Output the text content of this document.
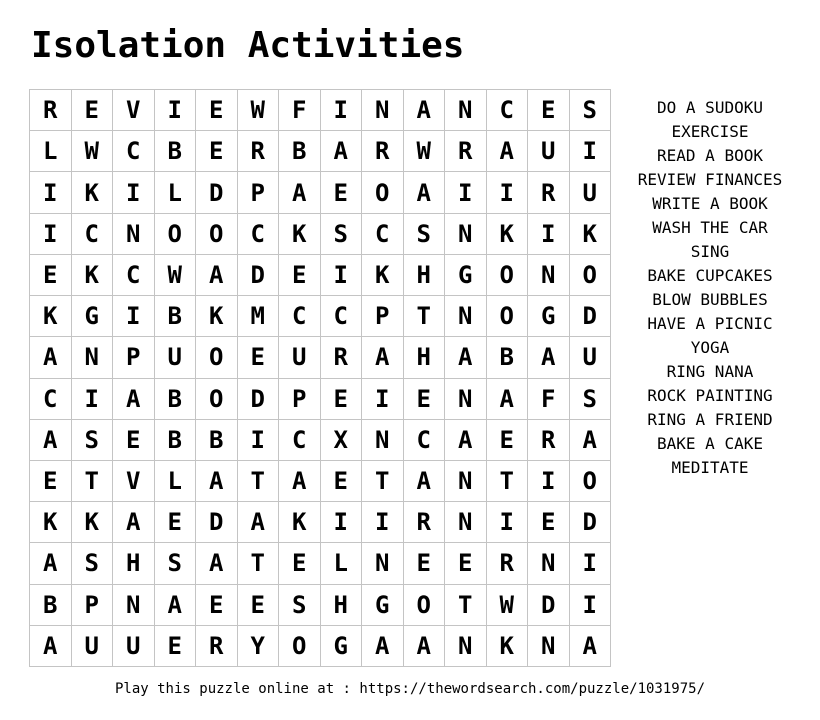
Isolation Activities
R	E	V	I	E	W	F	I	N	A	N	C	E	S
L	W	C	B	E	R	B	A	R	W	R	A	U	I
I	K	I	L	D	P	A	E	O	A	I	I	R	U
I	C	N	O	O	C	K	S	C	S	N	K	I	K
E	K	C	W	A	D	E	I	K	H	G	O	N	O
K	G	I	B	K	M	C	C	P	T	N	O	G	D
A	N	P	U	O	E	U	R	A	H	A	B	A	U
C	I	A	B	O	D	P	E	I	E	N	A	F	S
A	S	E	B	B	I	C	X	N	C	A	E	R	A
E	T	V	L	A	T	A	E	T	A	N	T	I	O
K	K	A	E	D	A	K	I	I	R	N	I	E	D
A	S	H	S	A	T	E	L	N	E	E	R	N	I
B	P	N	A	E	E	S	H	G	O	T	W	D	I
A	U	U	E	R	Y	O	G	A	A	N	K	N	A
DO A SUDOKU
EXERCISE
READ A BOOK
REVIEW FINANCES
WRITE A BOOK
WASH THE CAR
SING
BAKE CUPCAKES
BLOW BUBBLES
HAVE A PICNIC
YOGA
RING NANA
ROCK PAINTING
RING A FRIEND
BAKE A CAKE
MEDITATE
Play this puzzle online at : https://thewordsearch.com/puzzle/1031975/
